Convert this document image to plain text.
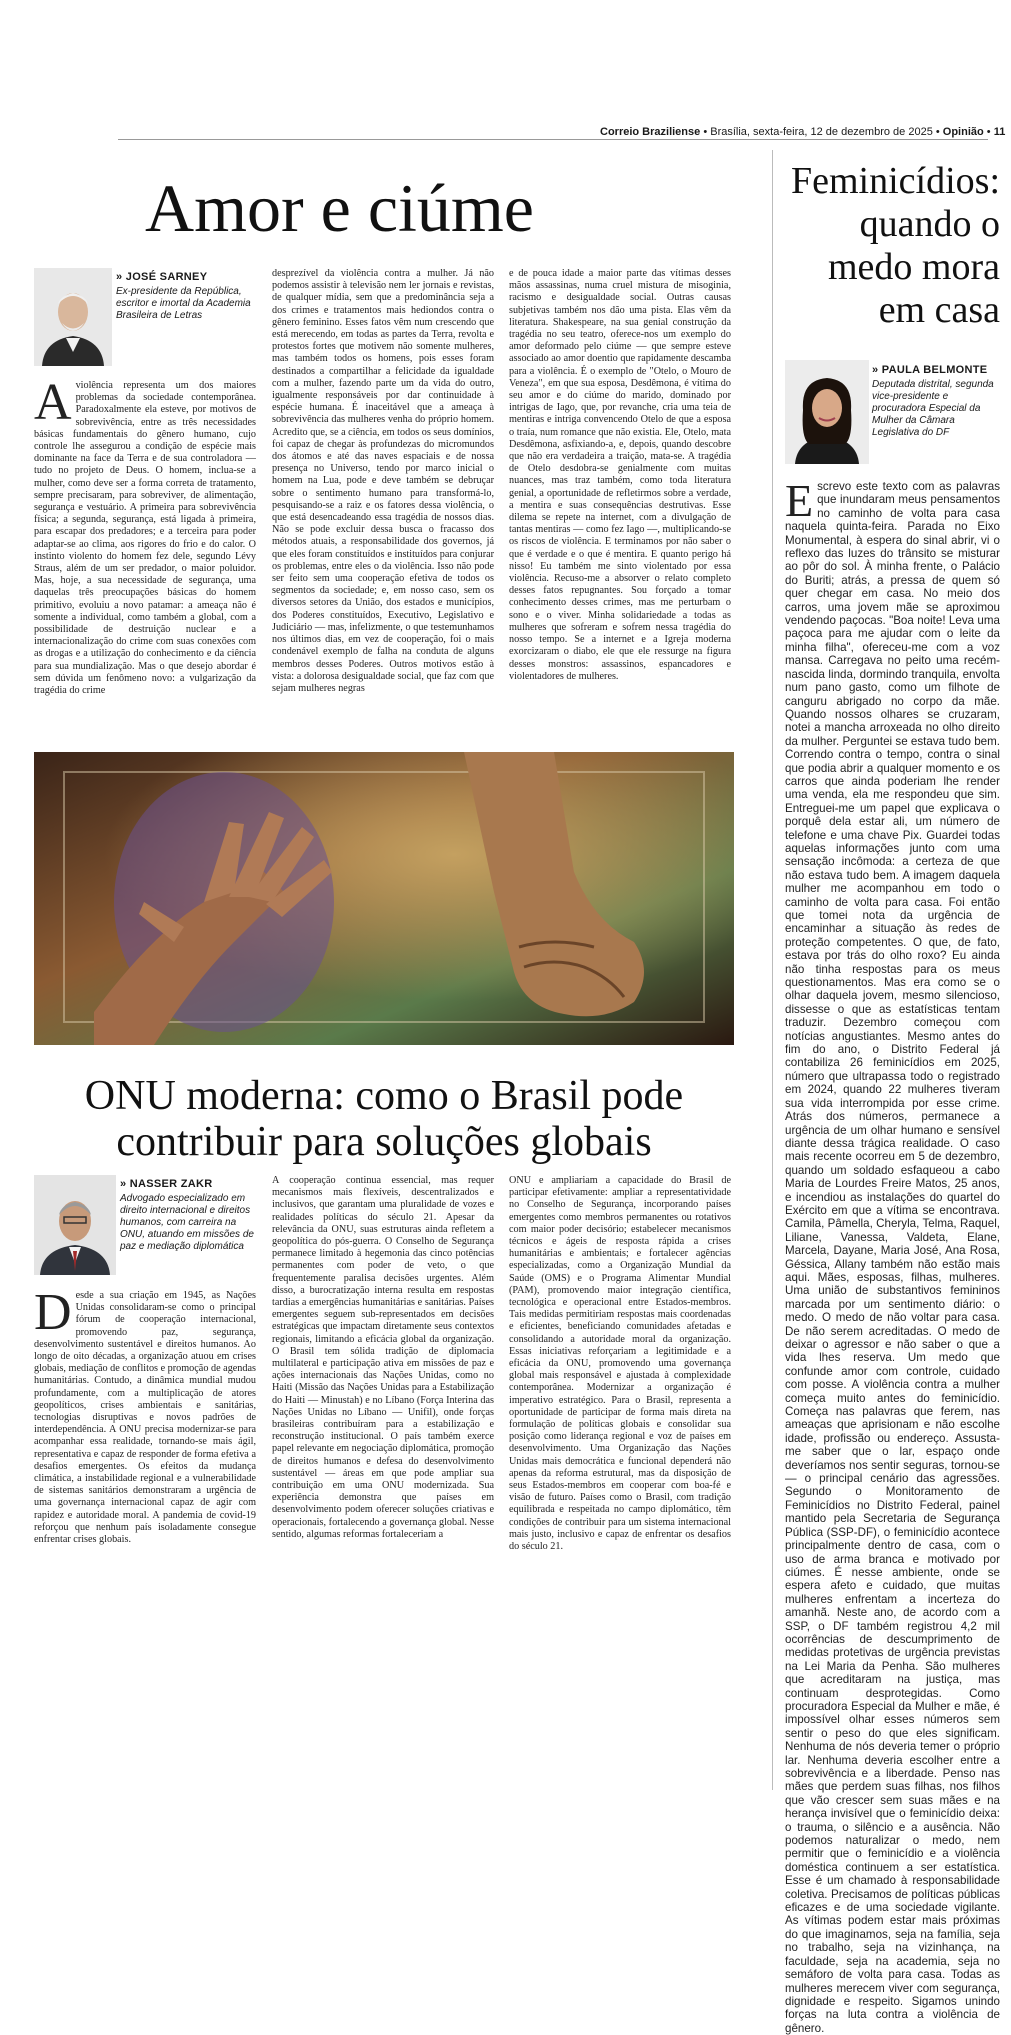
Correio Braziliense • Brasília, sexta-feira, 12 de dezembro de 2025 • Opinião • 11
Amor e ciúme
» JOSÉ SARNEY
Ex-presidente da República, escritor e imortal da Academia Brasileira de Letras
A violência representa um dos maiores problemas da sociedade contemporânea. Paradoxalmente ela esteve, por motivos de sobrevivência, entre as três necessidades básicas fundamentais do gênero humano, cujo controle lhe assegurou a condição de espécie mais dominante na face da Terra e de sua controladora — tudo no projeto de Deus. O homem, inclua-se a mulher, como deve ser a forma correta de tratamento, sempre precisaram, para sobreviver, de alimentação, segurança e vestuário. A primeira para sobrevivência física; a segunda, segurança, está ligada à primeira, para escapar dos predadores; e a terceira para poder adaptar-se ao clima, aos rigores do frio e do calor. O instinto violento do homem fez dele, segundo Lévy Straus, além de um ser predador, o maior poluidor. Mas, hoje, a sua necessidade de segurança, uma daquelas três preocupações básicas do homem primitivo, evoluiu a novo patamar: a ameaça não é somente a individual, como também a global, com a possibilidade de destruição nuclear e a internacionalização do crime com suas conexões com as drogas e a utilização do conhecimento e da ciência para sua mundialização. Mas o que desejo abordar é sem dúvida um fenômeno novo: a vulgarização da tragédia do crime
desprezível da violência contra a mulher. Já não podemos assistir à televisão nem ler jornais e revistas, de qualquer mídia, sem que a predominância seja a dos crimes e tratamentos mais hediondos contra o gênero feminino. Esses fatos vêm num crescendo que está merecendo, em todas as partes da Terra, revolta e protestos fortes que motivem não somente mulheres, mas também todos os homens, pois esses foram destinados a compartilhar a felicidade da igualdade com a mulher, fazendo parte um da vida do outro, igualmente responsáveis por dar continuidade à espécie humana. É inaceitável que a ameaça à sobrevivência das mulheres venha do próprio homem. Acredito que, se a ciência, em todos os seus domínios, foi capaz de chegar às profundezas do micromundos dos átomos e até das naves espaciais e de nossa presença no Universo, tendo por marco inicial o homem na Lua, pode e deve também se debruçar sobre o sentimento humano para transformá-lo, pesquisando-se a raiz e os fatores dessa violência, o que está desencadeando essa tragédia de nossos dias. Não se pode excluir dessa busca o fracasso dos métodos atuais, a responsabilidade dos governos, já que eles foram constituídos e instituídos para conjurar os problemas, entre eles o da violência. Isso não pode ser feito sem uma cooperação efetiva de todos os segmentos da sociedade; e, em nosso caso, sem os diversos setores da União, dos estados e municípios, dos Poderes constituídos, Executivo, Legislativo e Judiciário — mas, infelizmente, o que testemunhamos nos últimos dias, em vez de cooperação, foi o mais condenável exemplo de falha na conduta de alguns membros desses Poderes. Outros motivos estão à vista: a dolorosa desigualdade social, que faz com que sejam mulheres negras
e de pouca idade a maior parte das vítimas desses mãos assassinas, numa cruel mistura de misoginia, racismo e desigualdade social. Outras causas subjetivas também nos dão uma pista. Elas vêm da literatura. Shakespeare, na sua genial construção da tragédia no seu teatro, oferece-nos um exemplo do amor deformado pelo ciúme — que sempre esteve associado ao amor doentio que rapidamente descamba para a violência. É o exemplo de "Otelo, o Mouro de Veneza", em que sua esposa, Desdêmona, é vítima do seu amor e do ciúme do marido, dominado por intrigas de Iago, que, por revanche, cria uma teia de mentiras e intriga convencendo Otelo de que a esposa o traía, num romance que não existia. Ele, Otelo, mata Desdêmona, asfixiando-a, e, depois, quando descobre que não era verdadeira a traição, mata-se. A tragédia de Otelo desdobra-se genialmente com muitas nuances, mas traz também, como toda literatura genial, a oportunidade de refletirmos sobre a verdade, a mentira e suas consequências destrutivas. Esse dilema se repete na internet, com a divulgação de tantas mentiras — como fez Iago —, multiplicando-se os riscos de violência. E terminamos por não saber o que é verdade e o que é mentira. E quanto perigo há nisso! Eu também me sinto violentado por essa violência. Recuso-me a absorver o relato completo desses fatos repugnantes. Sou forçado a tomar conhecimento desses crimes, mas me perturbam o sono e o viver. Minha solidariedade a todas as mulheres que sofreram e sofrem nessa tragédia do nosso tempo. Se a internet e a Igreja moderna exorcizaram o diabo, ele que ele ressurge na figura desses monstros: assassinos, espancadores e violentadores de mulheres.
ONU moderna: como o Brasil pode
contribuir para soluções globais
» NASSER ZAKR
Advogado especializado em direito internacional e direitos humanos, com carreira na ONU, atuando em missões de paz e mediação diplomática
Desde a sua criação em 1945, as Nações Unidas consolidaram-se como o principal fórum de cooperação internacional, promovendo paz, segurança, desenvolvimento sustentável e direitos humanos. Ao longo de oito décadas, a organização atuou em crises globais, mediação de conflitos e promoção de agendas humanitárias. Contudo, a dinâmica mundial mudou profundamente, com a multiplicação de atores geopolíticos, crises ambientais e sanitárias, tecnologias disruptivas e novos padrões de interdependência. A ONU precisa modernizar-se para acompanhar essa realidade, tornando-se mais ágil, representativa e capaz de responder de forma efetiva a desafios emergentes. Os efeitos da mudança climática, a instabilidade regional e a vulnerabilidade de sistemas sanitários demonstraram a urgência de uma governança internacional capaz de agir com rapidez e autoridade moral. A pandemia de covid-19 reforçou que nenhum país isoladamente consegue enfrentar crises globais.
A cooperação continua essencial, mas requer mecanismos mais flexíveis, descentralizados e inclusivos, que garantam uma pluralidade de vozes e realidades políticas do século 21. Apesar da relevância da ONU, suas estruturas ainda refletem a geopolítica do pós-guerra. O Conselho de Segurança permanece limitado à hegemonia das cinco potências permanentes com poder de veto, o que frequentemente paralisa decisões urgentes. Além disso, a burocratização interna resulta em respostas tardias a emergências humanitárias e sanitárias. Países emergentes seguem sub-representados em decisões estratégicas que impactam diretamente seus contextos regionais, limitando a eficácia global da organização. O Brasil tem sólida tradição de diplomacia multilateral e participação ativa em missões de paz e ações internacionais das Nações Unidas, como no Haiti (Missão das Nações Unidas para a Estabilização do Haiti — Minustah) e no Líbano (Força Interina das Nações Unidas no Líbano — Unifil), onde forças brasileiras contribuíram para a estabilização e reconstrução institucional. O país também exerce papel relevante em negociação diplomática, promoção de direitos humanos e defesa do desenvolvimento sustentável — áreas em que pode ampliar sua contribuição em uma ONU modernizada. Sua experiência demonstra que países em desenvolvimento podem oferecer soluções criativas e operacionais, fortalecendo a governança global. Nesse sentido, algumas reformas fortaleceriam a
ONU e ampliariam a capacidade do Brasil de participar efetivamente: ampliar a representatividade no Conselho de Segurança, incorporando países emergentes como membros permanentes ou rotativos com maior poder decisório; estabelecer mecanismos técnicos e ágeis de resposta rápida a crises humanitárias e ambientais; e fortalecer agências especializadas, como a Organização Mundial da Saúde (OMS) e o Programa Alimentar Mundial (PAM), promovendo maior integração científica, tecnológica e operacional entre Estados-membros. Tais medidas permitiriam respostas mais coordenadas e eficientes, beneficiando comunidades afetadas e consolidando a autoridade moral da organização. Essas iniciativas reforçariam a legitimidade e a eficácia da ONU, promovendo uma governança global mais responsável e ajustada à complexidade contemporânea. Modernizar a organização é imperativo estratégico. Para o Brasil, representa a oportunidade de participar de forma mais direta na formulação de políticas globais e consolidar sua posição como liderança regional e voz de países em desenvolvimento. Uma Organização das Nações Unidas mais democrática e funcional dependerá não apenas da reforma estrutural, mas da disposição de seus Estados-membros em cooperar com boa-fé e visão de futuro. Países como o Brasil, com tradição equilibrada e respeitada no campo diplomático, têm condições de contribuir para um sistema internacional mais justo, inclusivo e capaz de enfrentar os desafios do século 21.
Feminicídios:
quando o
medo mora
em casa
» PAULA BELMONTE
Deputada distrital, segunda vice-presidente e procuradora Especial da Mulher da Câmara Legislativa do DF
Escrevo este texto com as palavras que inundaram meus pensamentos no caminho de volta para casa naquela quinta-feira. Parada no Eixo Monumental, à espera do sinal abrir, vi o reflexo das luzes do trânsito se misturar ao pôr do sol. À minha frente, o Palácio do Buriti; atrás, a pressa de quem só quer chegar em casa. No meio dos carros, uma jovem mãe se aproximou vendendo paçocas. "Boa noite! Leva uma paçoca para me ajudar com o leite da minha filha", ofereceu-me com a voz mansa. Carregava no peito uma recém-nascida linda, dormindo tranquila, envolta num pano gasto, como um filhote de canguru abrigado no corpo da mãe. Quando nossos olhares se cruzaram, notei a mancha arroxeada no olho direito da mulher. Perguntei se estava tudo bem. Correndo contra o tempo, contra o sinal que podia abrir a qualquer momento e os carros que ainda poderiam lhe render uma venda, ela me respondeu que sim. Entreguei-me um papel que explicava o porquê dela estar ali, um número de telefone e uma chave Pix. Guardei todas aquelas informações junto com uma sensação incômoda: a certeza de que não estava tudo bem. A imagem daquela mulher me acompanhou em todo o caminho de volta para casa. Foi então que tomei nota da urgência de encaminhar a situação às redes de proteção competentes. O que, de fato, estava por trás do olho roxo? Eu ainda não tinha respostas para os meus questionamentos. Mas era como se o olhar daquela jovem, mesmo silencioso, dissesse o que as estatísticas tentam traduzir. Dezembro começou com notícias angustiantes. Mesmo antes do fim do ano, o Distrito Federal já contabiliza 26 feminicídios em 2025, número que ultrapassa todo o registrado em 2024, quando 22 mulheres tiveram sua vida interrompida por esse crime. Atrás dos números, permanece a urgência de um olhar humano e sensível diante dessa trágica realidade. O caso mais recente ocorreu em 5 de dezembro, quando um soldado esfaqueou a cabo Maria de Lourdes Freire Matos, 25 anos, e incendiou as instalações do quartel do Exército em que a vítima se encontrava. Camila, Pâmella, Cheryla, Telma, Raquel, Liliane, Vanessa, Valdeta, Elane, Marcela, Dayane, Maria José, Ana Rosa, Géssica, Allany também não estão mais aqui. Mães, esposas, filhas, mulheres. Uma união de substantivos femininos marcada por um sentimento diário: o medo. O medo de não voltar para casa. De não serem acreditadas. O medo de deixar o agressor e não saber o que a vida lhes reserva. Um medo que confunde amor com controle, cuidado com posse. A violência contra a mulher começa muito antes do feminicídio. Começa nas palavras que ferem, nas ameaças que aprisionam e não escolhe idade, profissão ou endereço. Assusta-me saber que o lar, espaço onde deveríamos nos sentir seguras, tornou-se — o principal cenário das agressões. Segundo o Monitoramento de Feminicídios no Distrito Federal, painel mantido pela Secretaria de Segurança Pública (SSP-DF), o feminicídio acontece principalmente dentro de casa, com o uso de arma branca e motivado por ciúmes. É nesse ambiente, onde se espera afeto e cuidado, que muitas mulheres enfrentam a incerteza do amanhã. Neste ano, de acordo com a SSP, o DF também registrou 4,2 mil ocorrências de descumprimento de medidas protetivas de urgência previstas na Lei Maria da Penha. São mulheres que acreditaram na justiça, mas continuam desprotegidas. Como procuradora Especial da Mulher e mãe, é impossível olhar esses números sem sentir o peso do que eles significam. Nenhuma de nós deveria temer o próprio lar. Nenhuma deveria escolher entre a sobrevivência e a liberdade. Penso nas mães que perdem suas filhas, nos filhos que vão crescer sem suas mães e na herança invisível que o feminicídio deixa: o trauma, o silêncio e a ausência. Não podemos naturalizar o medo, nem permitir que o feminicídio e a violência doméstica continuem a ser estatística. Esse é um chamado à responsabilidade coletiva. Precisamos de políticas públicas eficazes e de uma sociedade vigilante. As vítimas podem estar mais próximas do que imaginamos, seja na família, seja no trabalho, seja na vizinhança, na faculdade, seja na academia, seja no semáforo de volta para casa. Todas as mulheres merecem viver com segurança, dignidade e respeito. Sigamos unindo forças na luta contra a violência de gênero.
